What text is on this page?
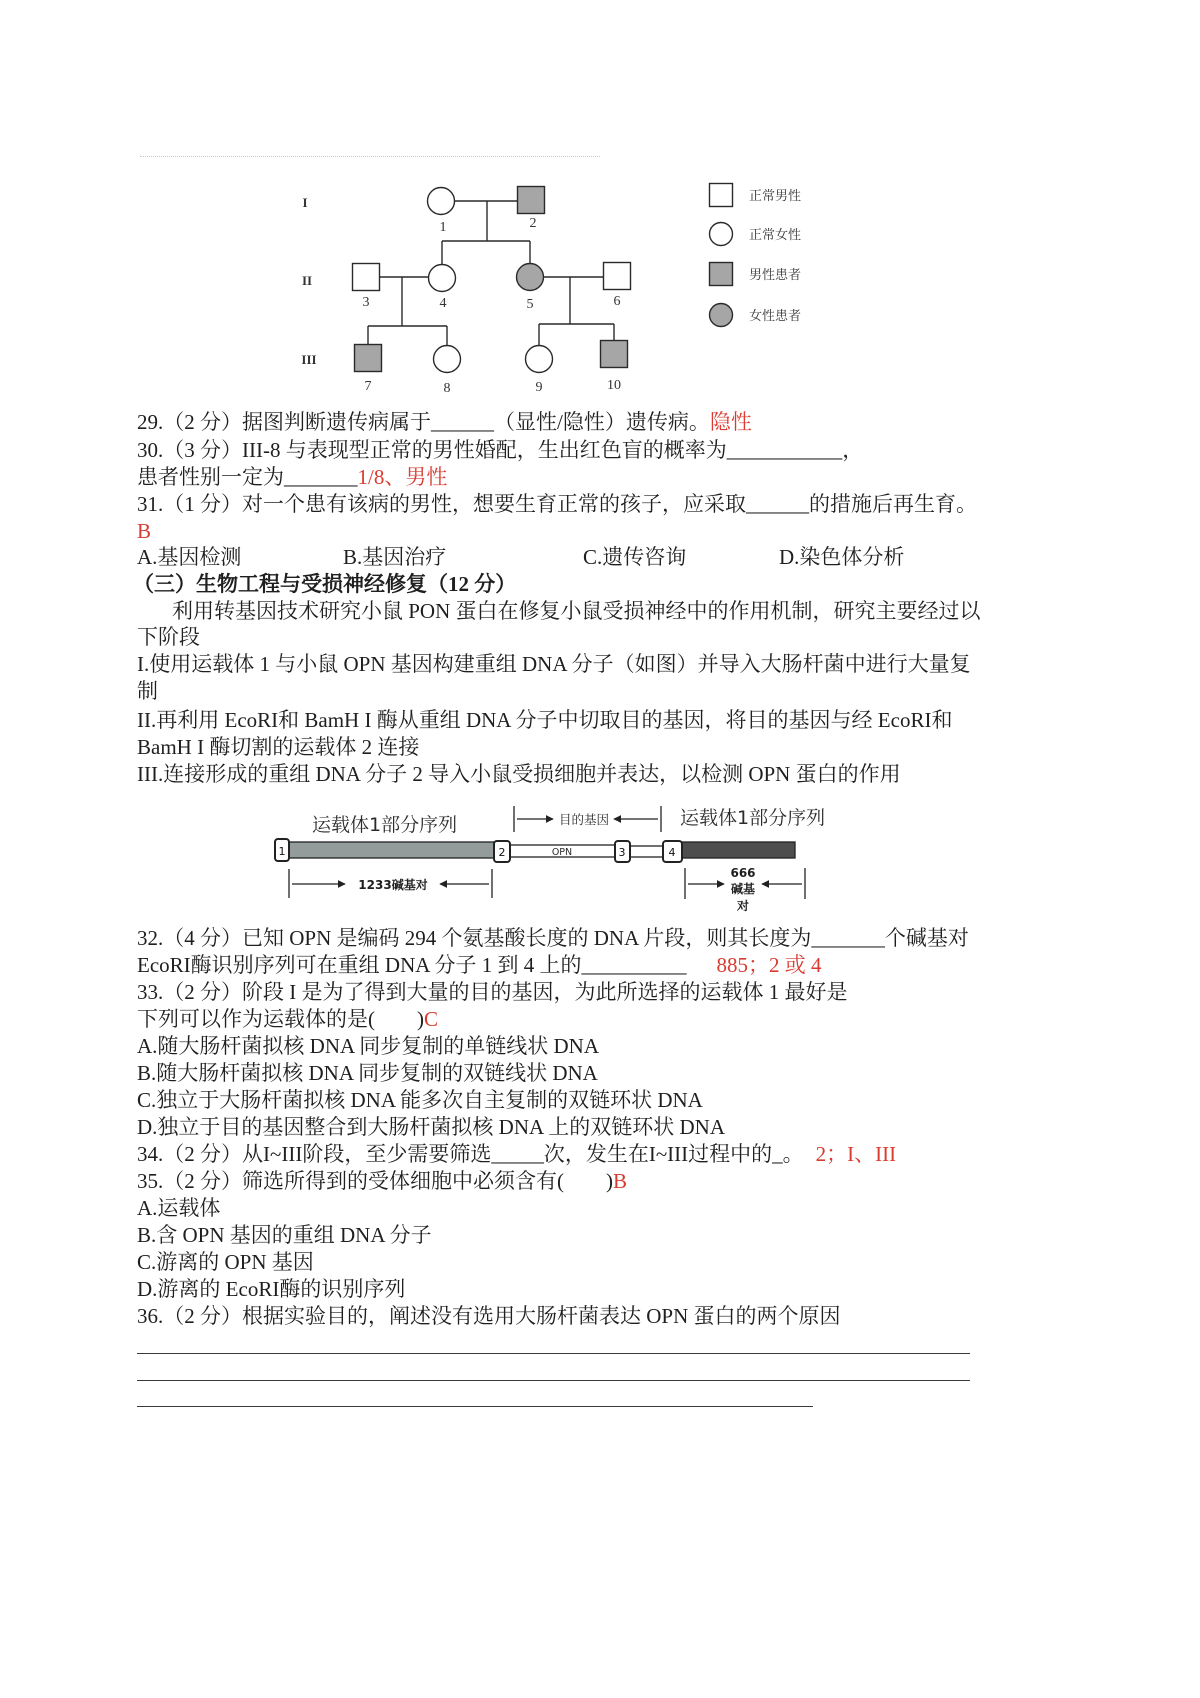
I
II
III
1	2
3	4	5	6
7	8	9	10
正常男性
正常女性
男性患者
女性患者
29.（2 分）据图判断遗传病属于______（显性/隐性）遗传病。隐性
30.（3 分）III-8 与表现型正常的男性婚配，生出红色盲的概率为___________，
患者性别一定为_______1/8、男性
31.（1 分）对一个患有该病的男性，想要生育正常的孩子，应采取______的措施后再生育。
B
A.基因检测	B.基因治疗	C.遗传咨询	D.染色体分析
（三）生物工程与受损神经修复（12 分）
利用转基因技术研究小鼠 PON 蛋白在修复小鼠受损神经中的作用机制，研究主要经过以
下阶段
I.使用运载体 1 与小鼠 OPN 基因构建重组 DNA 分子（如图）并导入大肠杆菌中进行大量复
制
II.再利用 EcoRI和 BamH I 酶从重组 DNA 分子中切取目的基因，将目的基因与经 EcoRI和
BamH I 酶切割的运载体 2 连接
III.连接形成的重组 DNA 分子 2 导入小鼠受损细胞并表达，以检测 OPN 蛋白的作用
运载体1部分序列	运载体1部分序列
目的基因
OPN
1	2	3	4
1233碱基对
666
碱基
对
32.（4 分）已知 OPN 是编码 294 个氨基酸长度的 DNA 片段，则其长度为_______个碱基对
EcoRI酶识别序列可在重组 DNA 分子 1 到 4 上的__________ 885；2 或 4
33.（2 分）阶段 I 是为了得到大量的目的基因，为此所选择的运载体 1 最好是
下列可以作为运载体的是(        )C
A.随大肠杆菌拟核 DNA 同步复制的单链线状 DNA
B.随大肠杆菌拟核 DNA 同步复制的双链线状 DNA
C.独立于大肠杆菌拟核 DNA 能多次自主复制的双链环状 DNA
D.独立于目的基因整合到大肠杆菌拟核 DNA 上的双链环状 DNA
34.（2 分）从I~III阶段，至少需要筛选_____次，发生在I~III过程中的_。 2；I、III
35.（2 分）筛选所得到的受体细胞中必须含有(        )B
A.运载体
B.含 OPN 基因的重组 DNA 分子
C.游离的 OPN 基因
D.游离的 EcoRI酶的识别序列
36.（2 分）根据实验目的，阐述没有选用大肠杆菌表达 OPN 蛋白的两个原因
